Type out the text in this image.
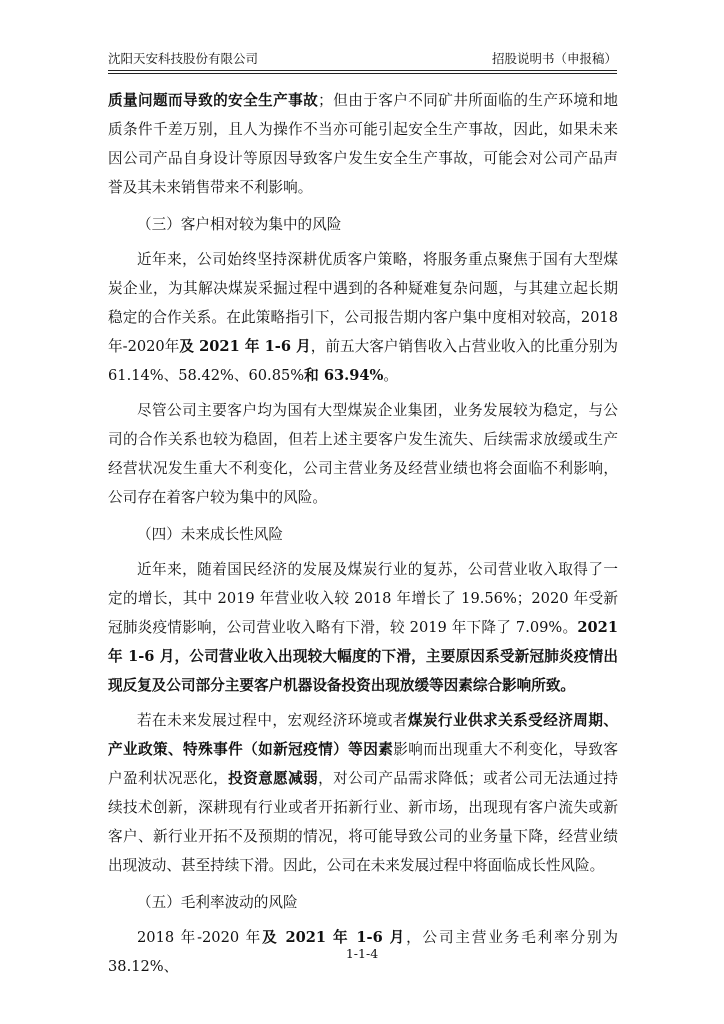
沈阳天安科技股份有限公司	招股说明书（申报稿）

质量问题而导致的安全生产事故；但由于客户不同矿井所面临的生产环境和地质条件千差万别，且人为操作不当亦可能引起安全生产事故，因此，如果未来因公司产品自身设计等原因导致客户发生安全生产事故，可能会对公司产品声誉及其未来销售带来不利影响。

（三）客户相对较为集中的风险

近年来，公司始终坚持深耕优质客户策略，将服务重点聚焦于国有大型煤炭企业，为其解决煤炭采掘过程中遇到的各种疑难复杂问题，与其建立起长期稳定的合作关系。在此策略指引下，公司报告期内客户集中度相对较高，2018年-2020年及 2021 年 1-6 月，前五大客户销售收入占营业收入的比重分别为61.14%、58.42%、60.85%和 63.94%。

尽管公司主要客户均为国有大型煤炭企业集团，业务发展较为稳定，与公司的合作关系也较为稳固，但若上述主要客户发生流失、后续需求放缓或生产经营状况发生重大不利变化，公司主营业务及经营业绩也将会面临不利影响，公司存在着客户较为集中的风险。

（四）未来成长性风险

近年来，随着国民经济的发展及煤炭行业的复苏，公司营业收入取得了一定的增长，其中 2019 年营业收入较 2018 年增长了 19.56%；2020 年受新冠肺炎疫情影响，公司营业收入略有下滑，较 2019 年下降了 7.09%。2021 年 1-6 月，公司营业收入出现较大幅度的下滑，主要原因系受新冠肺炎疫情出现反复及公司部分主要客户机器设备投资出现放缓等因素综合影响所致。

若在未来发展过程中，宏观经济环境或者煤炭行业供求关系受经济周期、产业政策、特殊事件（如新冠疫情）等因素影响而出现重大不利变化，导致客户盈利状况恶化，投资意愿减弱，对公司产品需求降低；或者公司无法通过持续技术创新，深耕现有行业或者开拓新行业、新市场，出现现有客户流失或新客户、新行业开拓不及预期的情况，将可能导致公司的业务量下降，经营业绩出现波动、甚至持续下滑。因此，公司在未来发展过程中将面临成长性风险。

（五）毛利率波动的风险

2018 年-2020 年及 2021 年 1-6 月，公司主营业务毛利率分别为 38.12%、

1-1-4
